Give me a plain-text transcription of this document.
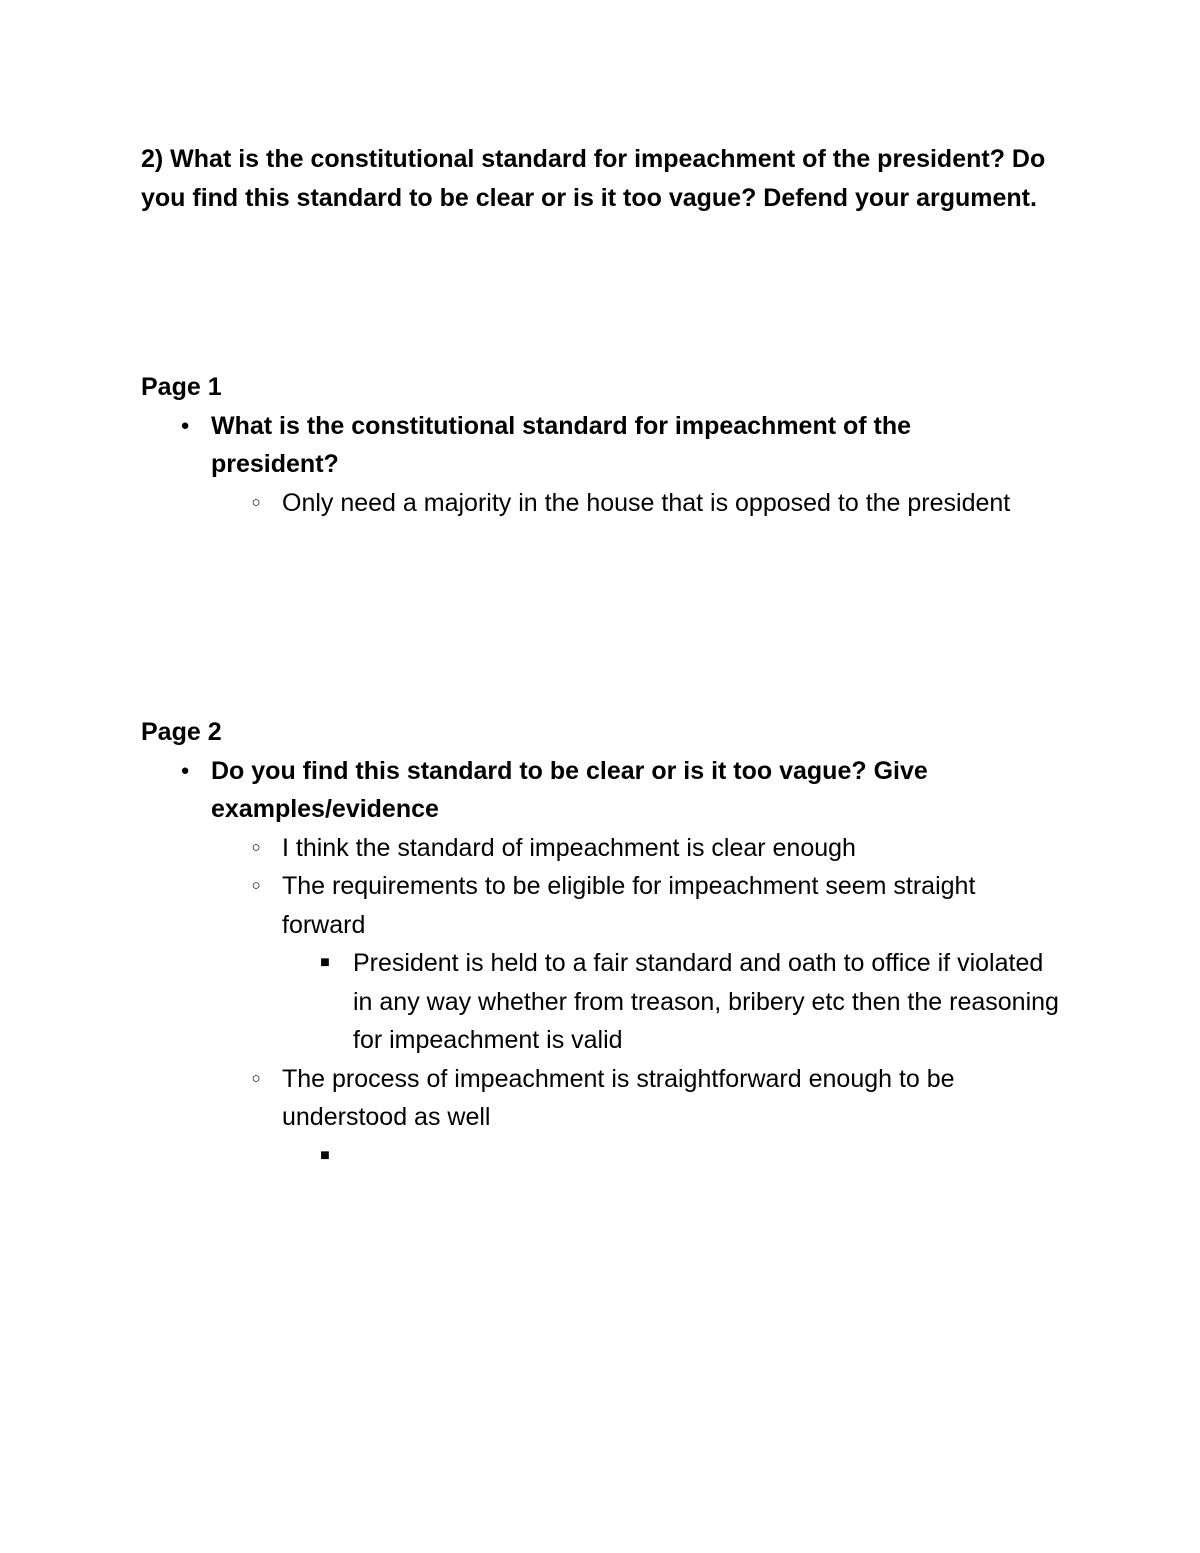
2) What is the constitutional standard for impeachment of the president? Do you find this standard to be clear or is it too vague? Defend your argument.

Page 1

● What is the constitutional standard for impeachment of the president?
○ Only need a majority in the house that is opposed to the president

Page 2

● Do you find this standard to be clear or is it too vague? Give examples/evidence
○ I think the standard of impeachment is clear enough
○ The requirements to be eligible for impeachment seem straight forward
■ President is held to a fair standard and oath to office if violated in any way whether from treason, bribery etc then the reasoning for impeachment is valid
○ The process of impeachment is straightforward enough to be understood as well
■
